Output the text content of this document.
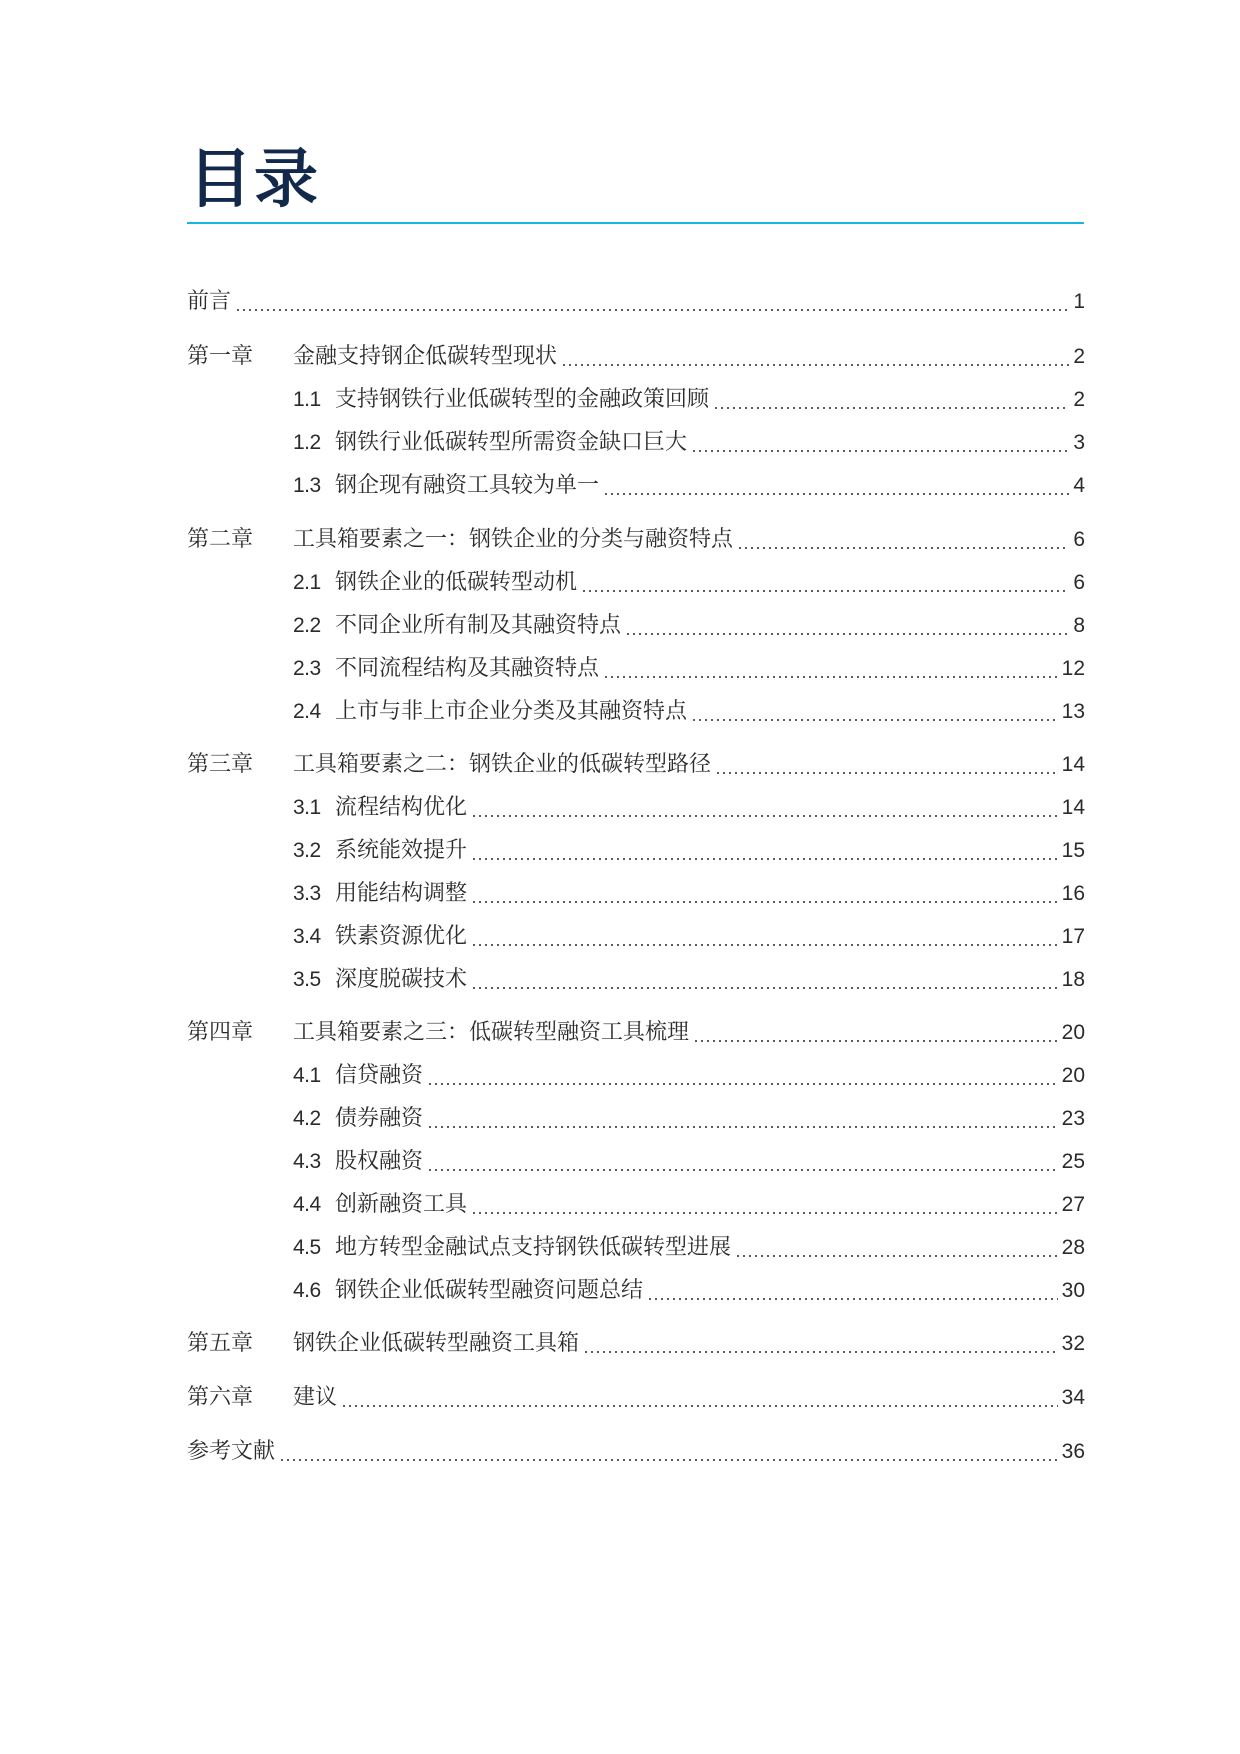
目录
前言	1
第一章	金融支持钢企低碳转型现状	2
1.1 支持钢铁行业低碳转型的金融政策回顾	2
1.2 钢铁行业低碳转型所需资金缺口巨大	3
1.3 钢企现有融资工具较为单一	4
第二章	工具箱要素之一：钢铁企业的分类与融资特点	6
2.1 钢铁企业的低碳转型动机	6
2.2 不同企业所有制及其融资特点	8
2.3 不同流程结构及其融资特点	12
2.4 上市与非上市企业分类及其融资特点	13
第三章	工具箱要素之二：钢铁企业的低碳转型路径	14
3.1 流程结构优化	14
3.2 系统能效提升	15
3.3 用能结构调整	16
3.4 铁素资源优化	17
3.5 深度脱碳技术	18
第四章	工具箱要素之三：低碳转型融资工具梳理	20
4.1 信贷融资	20
4.2 债券融资	23
4.3 股权融资	25
4.4 创新融资工具	27
4.5 地方转型金融试点支持钢铁低碳转型进展	28
4.6 钢铁企业低碳转型融资问题总结	30
第五章	钢铁企业低碳转型融资工具箱	32
第六章	建议	34
参考文献	36
